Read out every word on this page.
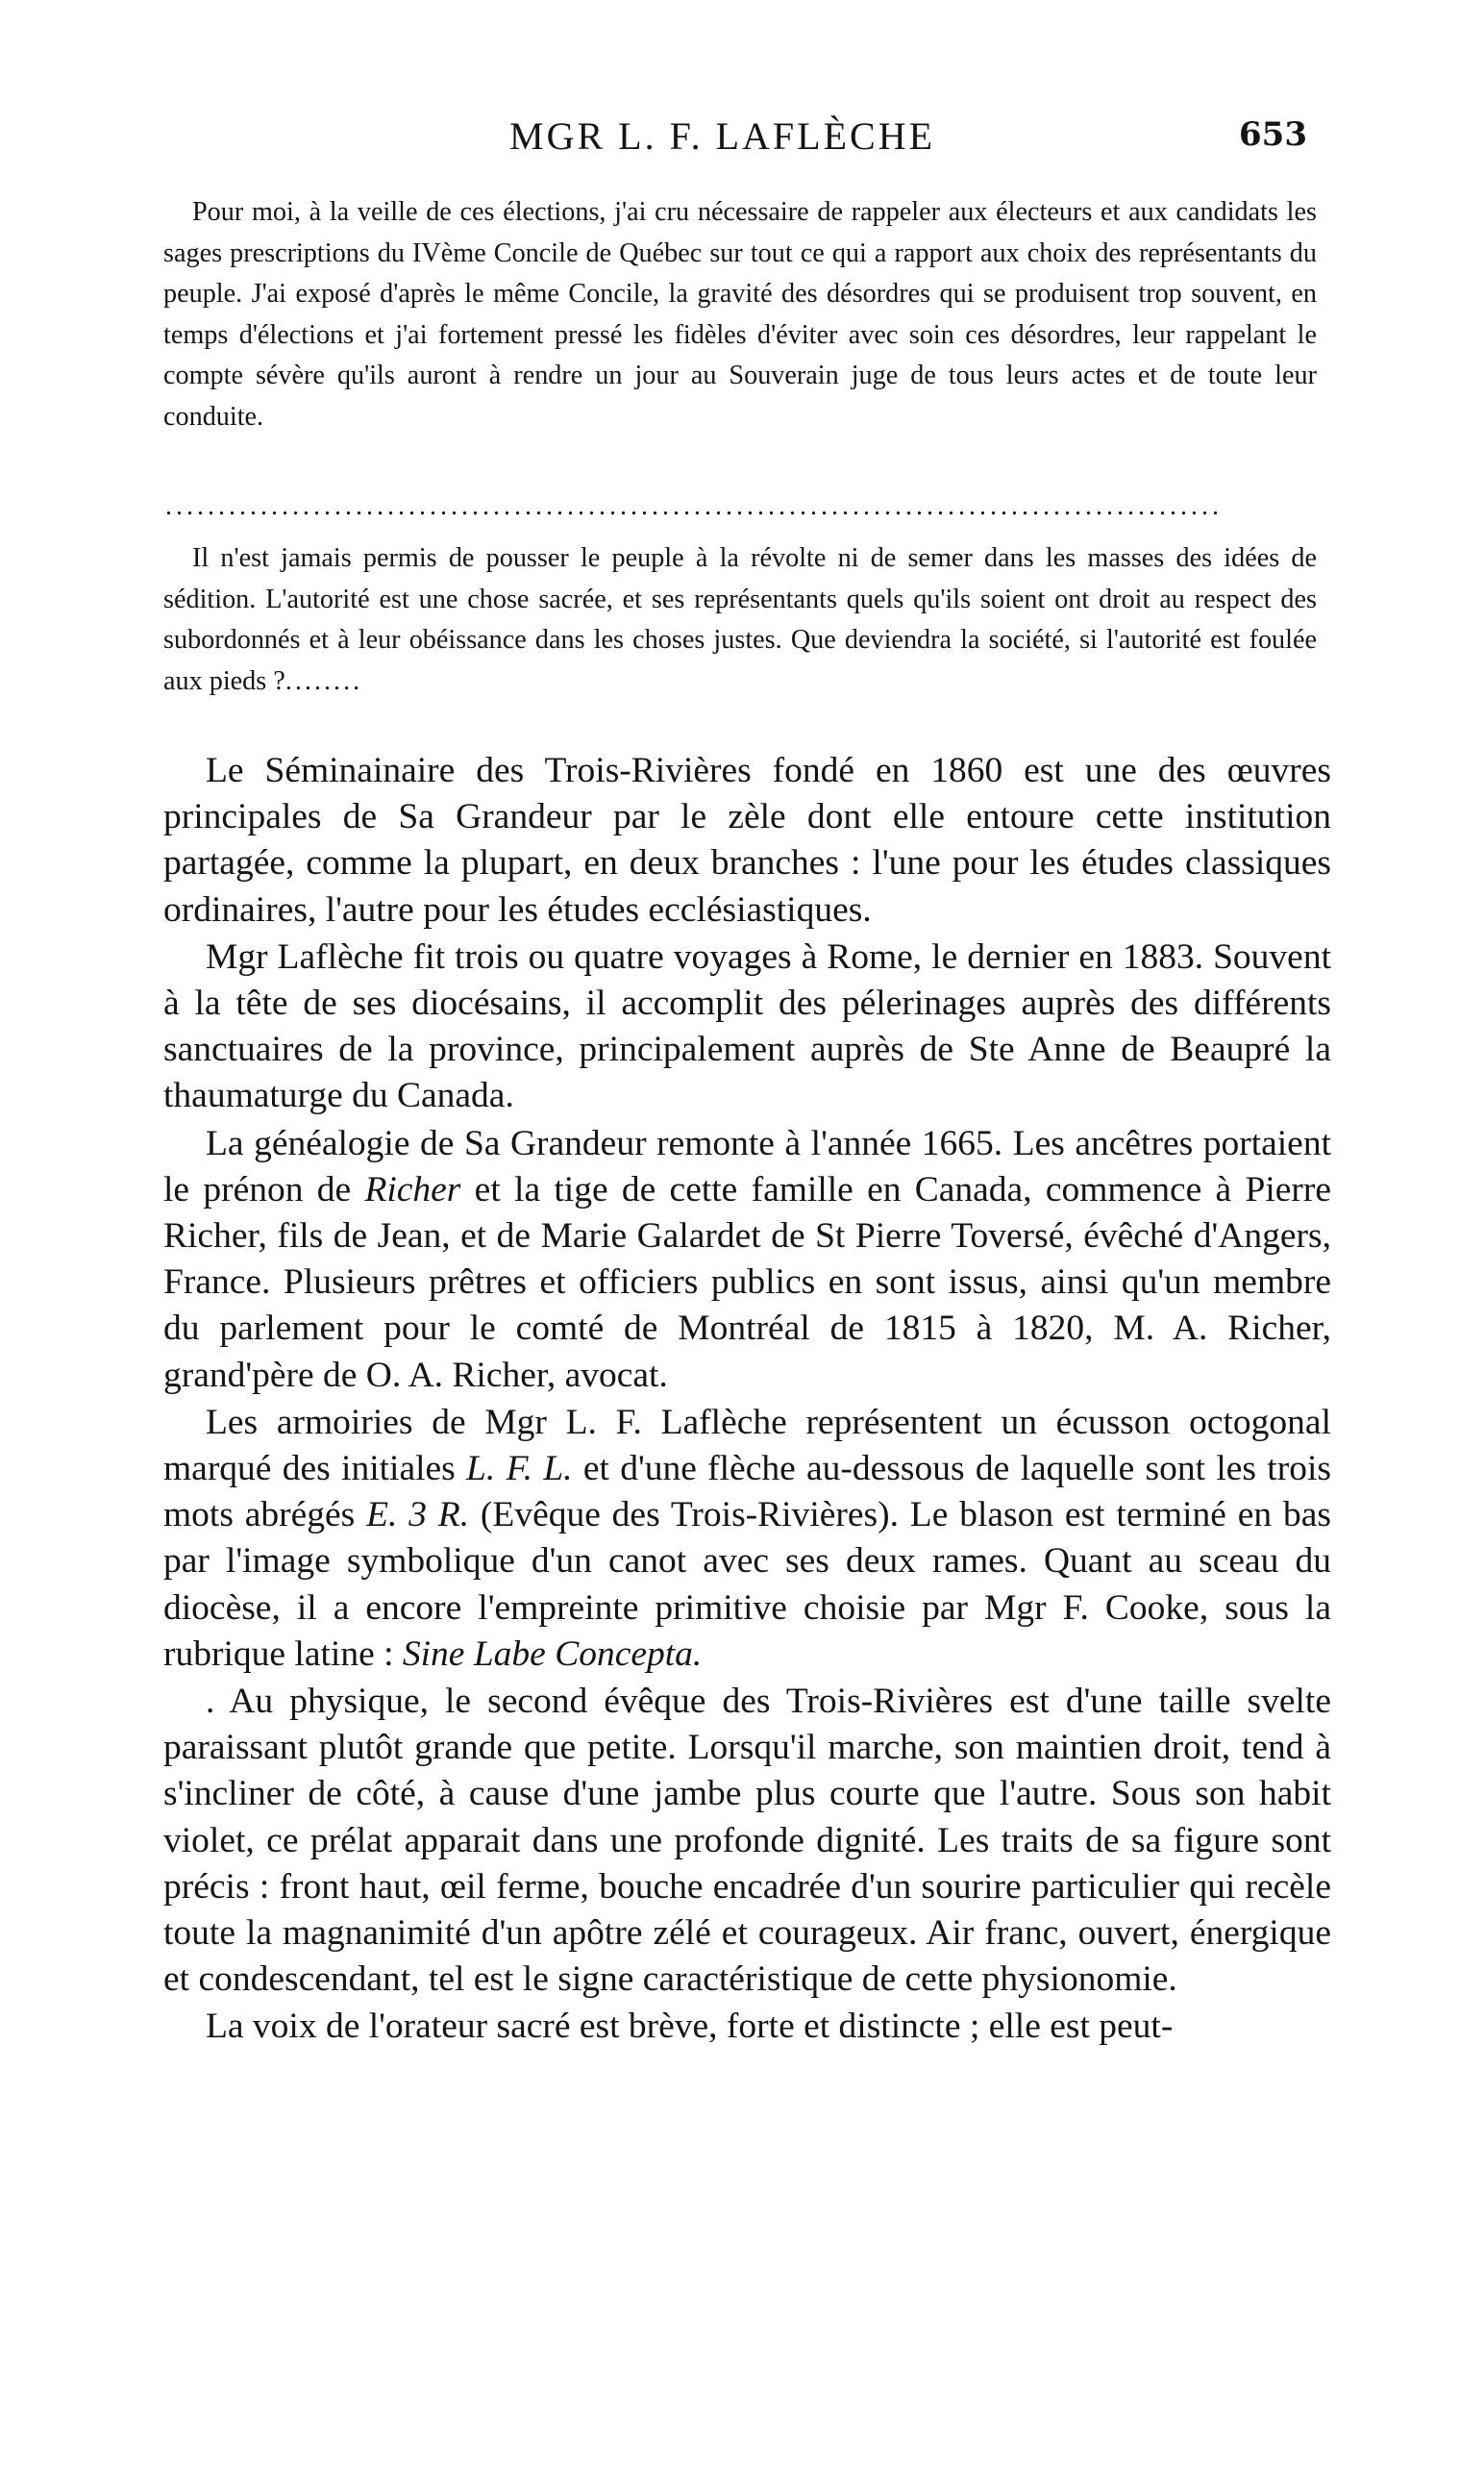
MGR L. F. LAFLÈCHE	653

Pour moi, à la veille de ces élections, j'ai cru nécessaire de rappeler aux électeurs et aux candidats les sages prescriptions du IVème Concile de Québec sur tout ce qui a rapport aux choix des représentants du peuple. J'ai exposé d'après le même Concile, la gravité des désordres qui se produisent trop souvent, en temps d'élections et j'ai fortement pressé les fidèles d'éviter avec soin ces désordres, leur rappelant le compte sévère qu'ils auront à rendre un jour au Souverain juge de tous leurs actes et de toute leur conduite.

....................................................................................................

Il n'est jamais permis de pousser le peuple à la révolte ni de semer dans les masses des idées de sédition. L'autorité est une chose sacrée, et ses représentants quels qu'ils soient ont droit au respect des subordonnés et à leur obéissance dans les choses justes. Que deviendra la société, si l'autorité est foulée aux pieds ?........

Le Séminainaire des Trois-Rivières fondé en 1860 est une des œuvres principales de Sa Grandeur par le zèle dont elle entoure cette institution partagée, comme la plupart, en deux branches : l'une pour les études classiques ordinaires, l'autre pour les études ecclésiastiques.

Mgr Laflèche fit trois ou quatre voyages à Rome, le dernier en 1883. Souvent à la tête de ses diocésains, il accomplit des pélerinages auprès des différents sanctuaires de la province, principalement auprès de Ste Anne de Beaupré la thaumaturge du Canada.

La généalogie de Sa Grandeur remonte à l'année 1665. Les ancêtres portaient le prénon de Richer et la tige de cette famille en Canada, commence à Pierre Richer, fils de Jean, et de Marie Galardet de St Pierre Toversé, évêché d'Angers, France. Plusieurs prêtres et officiers publics en sont issus, ainsi qu'un membre du parlement pour le comté de Montréal de 1815 à 1820, M. A. Richer, grand'père de O. A. Richer, avocat.

Les armoiries de Mgr L. F. Laflèche représentent un écusson octogonal marqué des initiales L. F. L. et d'une flèche au-dessous de laquelle sont les trois mots abrégés E. 3 R. (Evêque des Trois-Rivières). Le blason est terminé en bas par l'image symbolique d'un canot avec ses deux rames. Quant au sceau du diocèse, il a encore l'empreinte primitive choisie par Mgr F. Cooke, sous la rubrique latine : Sine Labe Concepta.

. Au physique, le second évêque des Trois-Rivières est d'une taille svelte paraissant plutôt grande que petite. Lorsqu'il marche, son maintien droit, tend à s'incliner de côté, à cause d'une jambe plus courte que l'autre. Sous son habit violet, ce prélat apparait dans une profonde dignité. Les traits de sa figure sont précis : front haut, œil ferme, bouche encadrée d'un sourire particulier qui recèle toute la magnanimité d'un apôtre zélé et courageux. Air franc, ouvert, énergique et condescendant, tel est le signe caractéristique de cette physionomie.

La voix de l'orateur sacré est brève, forte et distincte ; elle est peut-
